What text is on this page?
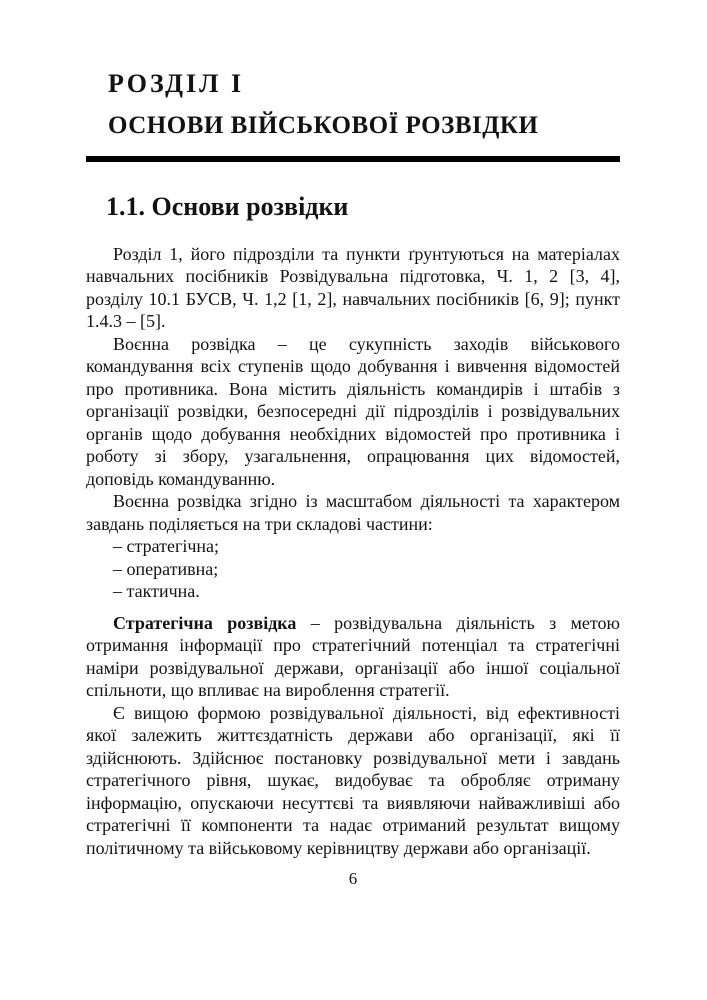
РОЗДІЛ І
ОСНОВИ ВІЙСЬКОВОЇ РОЗВІДКИ
1.1. Основи розвідки

Розділ 1, його підрозділи та пункти ґрунтуються на матеріалах навчальних посібників Розвідувальна підготовка, Ч. 1, 2 [3, 4], розділу 10.1 БУСВ, Ч. 1,2 [1, 2], навчальних посібників [6, 9]; пункт 1.4.3 – [5].

Воєнна розвідка – це сукупність заходів військового командування всіх ступенів щодо добування і вивчення відомостей про противника. Вона містить діяльність командирів і штабів з організації розвідки, безпосередні дії підрозділів і розвідувальних органів щодо добування необхідних відомостей про противника і роботу зі збору, узагальнення, опрацювання цих відомостей, доповідь командуванню.

Воєнна розвідка згідно із масштабом діяльності та характером завдань поділяється на три складові частини:

– стратегічна;
– оперативна;
– тактична.

Стратегічна розвідка – розвідувальна діяльність з метою отримання інформації про стратегічний потенціал та стратегічні наміри розвідувальної держави, організації або іншої соціальної спільноти, що впливає на вироблення стратегії.

Є вищою формою розвідувальної діяльності, від ефективності якої залежить життєздатність держави або організації, які її здійснюють. Здійснює постановку розвідувальної мети і завдань стратегічного рівня, шукає, видобуває та обробляє отриману інформацію, опускаючи несуттєві та виявляючи найважливіші або стратегічні її компоненти та надає отриманий результат вищому політичному та військовому керівництву держави або організації.

6
